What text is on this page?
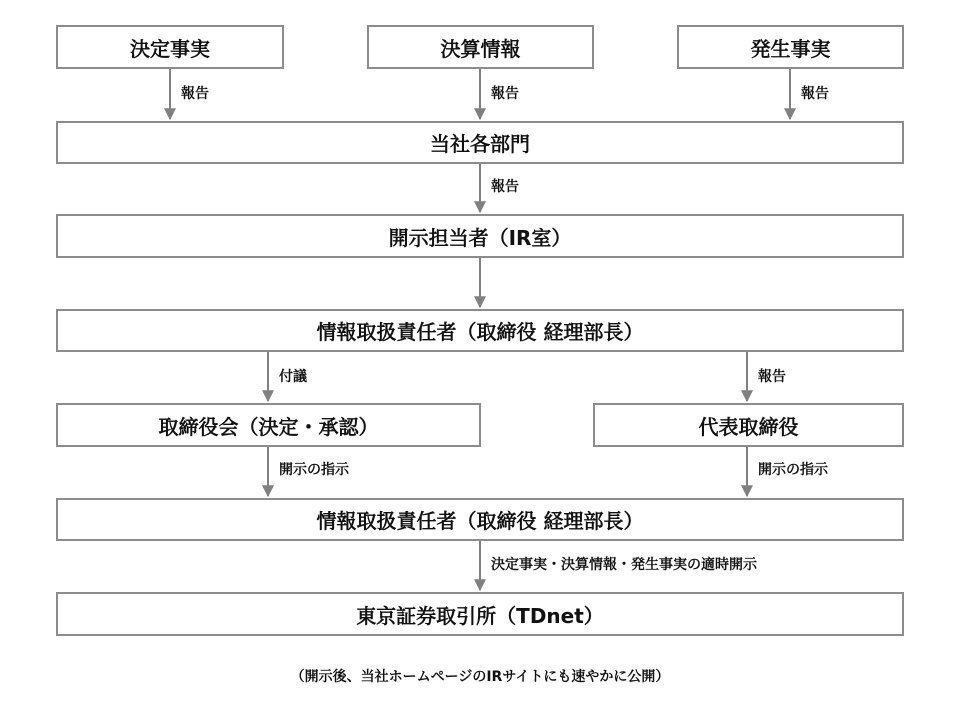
決定事実	決算情報	発生事実
報告	報告	報告
当社各部門
報告
開示担当者（IR室）
情報取扱責任者（取締役 経理部長）
付議	報告
取締役会（決定・承認）	代表取締役
開示の指示	開示の指示
情報取扱責任者（取締役 経理部長）
決定事実・決算情報・発生事実の適時開示
東京証券取引所（TDnet）
（開示後、当社ホームページのIRサイトにも速やかに公開）
